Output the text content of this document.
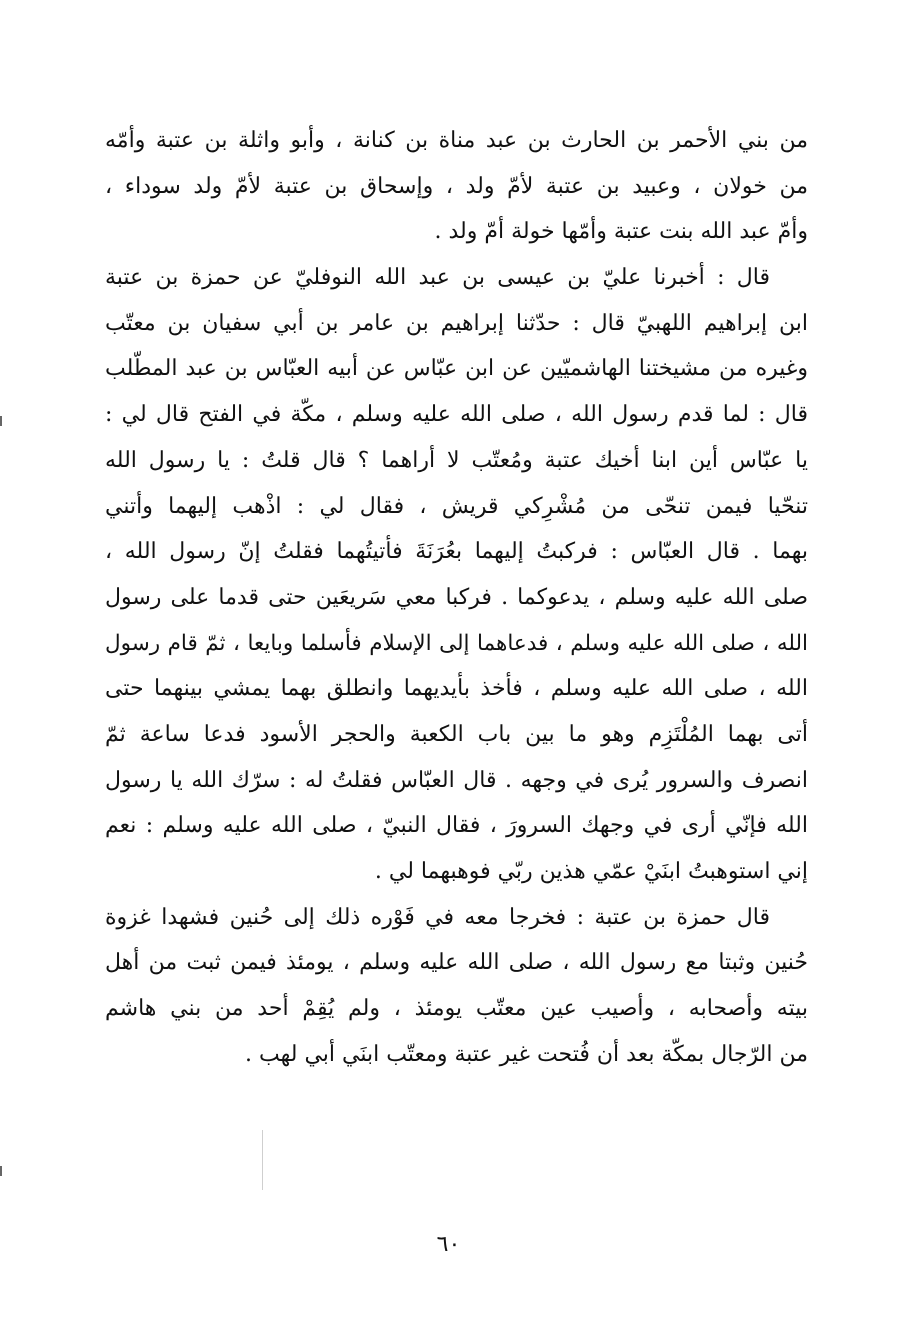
من بني الأحمر بن الحارث بن عبد مناة بن كنانة ، وأبو واثلة بن عتبة وأمّه
من خولان ، وعبيد بن عتبة لأمّ ولد ، وإسحاق بن عتبة لأمّ ولد سوداء ،
وأمّ عبد الله بنت عتبة وأمّها خولة أمّ ولد .
قال : أخبرنا عليّ بن عيسى بن عبد الله النوفليّ عن حمزة بن عتبة
ابن إبراهيم اللهبيّ قال : حدّثنا إبراهيم بن عامر بن أبي سفيان بن معتّب
وغيره من مشيختنا الهاشميّين عن ابن عبّاس عن أبيه العبّاس بن عبد المطّلب
قال : لما قدم رسول الله ، صلى الله عليه وسلم ، مكّة في الفتح قال لي :
يا عبّاس أين ابنا أخيك عتبة ومُعتّب لا أراهما ؟ قال قلتُ : يا رسول الله
تنحّيا فيمن تنحّى من مُشْرِكي قريش ، فقال لي : اذْهب إليهما وأتني
بهما . قال العبّاس : فركبتُ إليهما بعُرَنَةَ فأتيتُهما فقلتُ إنّ رسول الله ،
صلى الله عليه وسلم ، يدعوكما . فركبا معي سَريعَين حتى قدما على رسول
الله ، صلى الله عليه وسلم ، فدعاهما إلى الإسلام فأسلما وبايعا ، ثمّ قام رسول
الله ، صلى الله عليه وسلم ، فأخذ بأيديهما وانطلق بهما يمشي بينهما حتى
أتى بهما المُلْتَزِم وهو ما بين باب الكعبة والحجر الأسود فدعا ساعة ثمّ
انصرف والسرور يُرى في وجهه . قال العبّاس فقلتُ له : سرّك الله يا رسول
الله فإنّي أرى في وجهك السرورَ ، فقال النبيّ ، صلى الله عليه وسلم : نعم
إني استوهبتُ ابنَيْ عمّي هذين ربّي فوهبهما لي .
قال حمزة بن عتبة : فخرجا معه في فَوْره ذلك إلى حُنين فشهدا غزوة
حُنين وثبتا مع رسول الله ، صلى الله عليه وسلم ، يومئذ فيمن ثبت من أهل
بيته وأصحابه ، وأصيب عين معتّب يومئذ ، ولم يُقِمْ أحد من بني هاشم
من الرّجال بمكّة بعد أن فُتحت غير عتبة ومعتّب ابنَي أبي لهب .
٦٠
